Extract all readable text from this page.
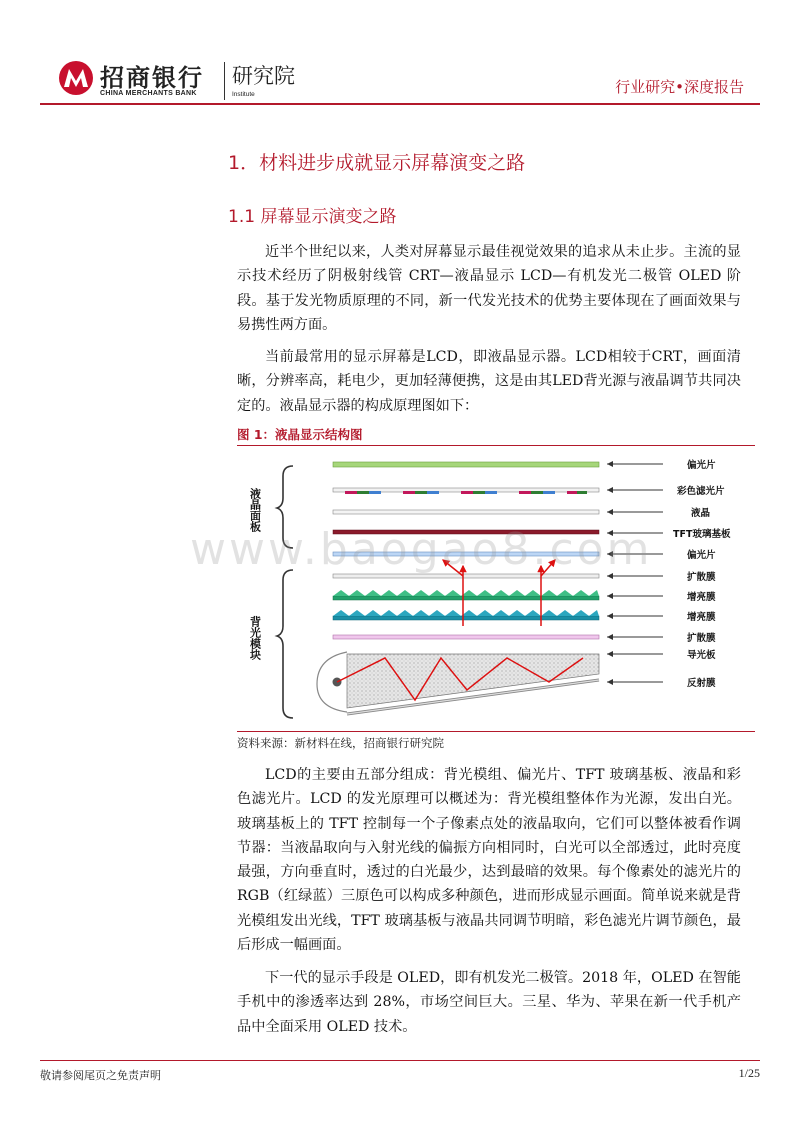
招商银行
CHINA MERCHANTS BANK
研究院
Institute	行业研究•深度报告
1．材料进步成就显示屏幕演变之路
1.1 屏幕显示演变之路

近半个世纪以来，人类对屏幕显示最佳视觉效果的追求从未止步。主流的显示技术经历了阴极射线管 CRT—液晶显示 LCD—有机发光二极管 OLED 阶段。基于发光物质原理的不同，新一代发光技术的优势主要体现在了画面效果与易携性两方面。

当前最常用的显示屏幕是LCD，即液晶显示器。LCD相较于CRT，画面清晰，分辨率高，耗电少，更加轻薄便携，这是由其LED背光源与液晶调节共同决定的。液晶显示器的构成原理图如下：

图 1：液晶显示结构图
液晶面板
背光模块
偏光片
彩色滤光片
液晶
TFT玻璃基板
偏光片
扩散膜
增亮膜
增亮膜
扩散膜
导光板
反射膜
资料来源：新材料在线，招商银行研究院
www.baogao8.com

LCD的主要由五部分组成：背光模组、偏光片、TFT 玻璃基板、液晶和彩色滤光片。LCD 的发光原理可以概述为：背光模组整体作为光源，发出白光。玻璃基板上的 TFT 控制每一个子像素点处的液晶取向，它们可以整体被看作调节器：当液晶取向与入射光线的偏振方向相同时，白光可以全部透过，此时亮度最强，方向垂直时，透过的白光最少，达到最暗的效果。每个像素处的滤光片的 RGB（红绿蓝）三原色可以构成多种颜色，进而形成显示画面。简单说来就是背光模组发出光线，TFT 玻璃基板与液晶共同调节明暗，彩色滤光片调节颜色，最后形成一幅画面。

下一代的显示手段是 OLED，即有机发光二极管。2018 年，OLED 在智能手机中的渗透率达到 28%，市场空间巨大。三星、华为、苹果在新一代手机产品中全面采用 OLED 技术。

敬请参阅尾页之免责声明	1/25
